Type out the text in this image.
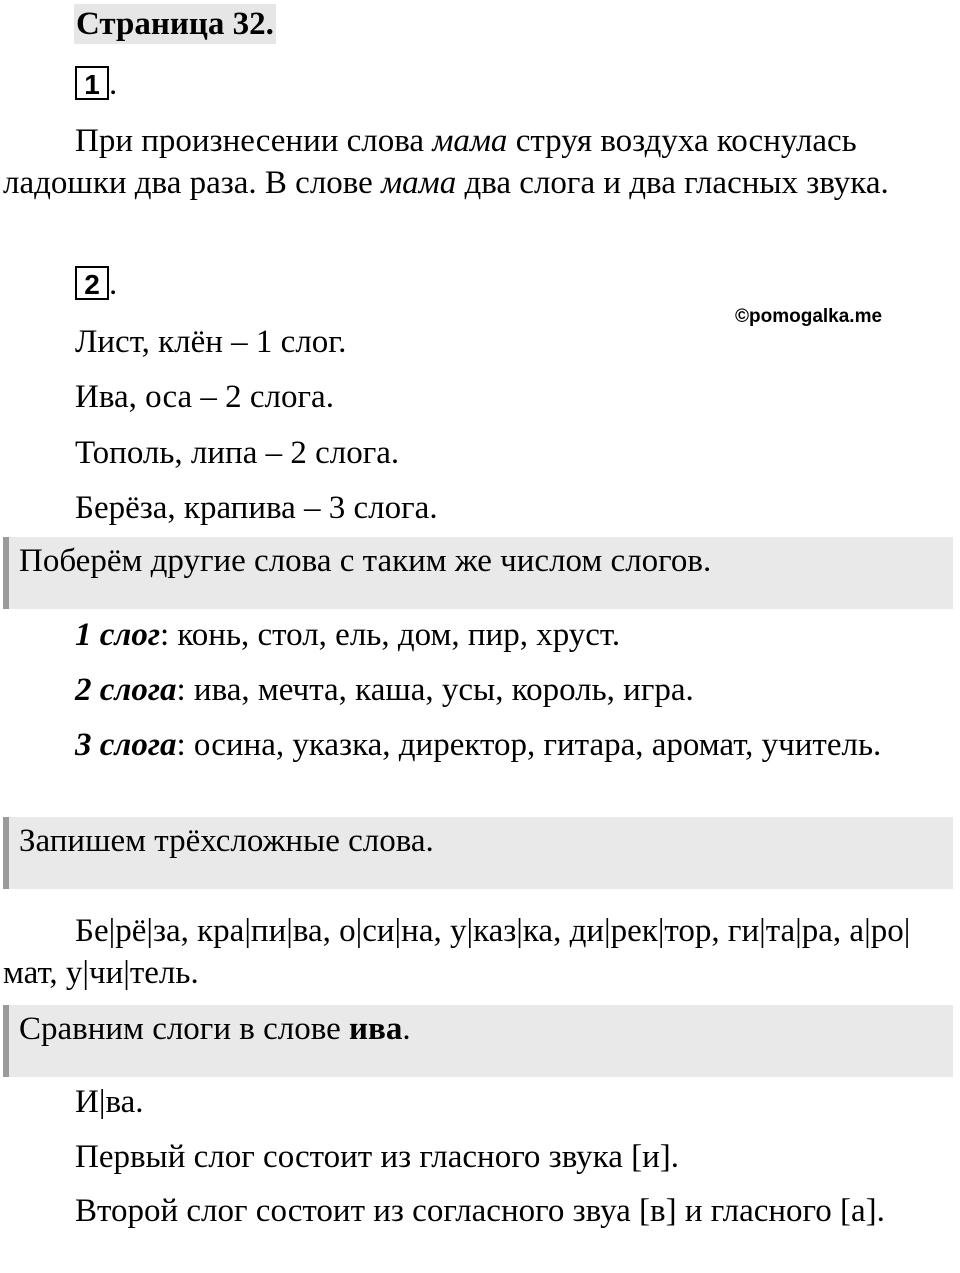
Страница 32.
1 .
При произнесении слова мама струя воздуха коснулась ладошки два раза. В слове мама два слога и два гласных звука.
2 .
©pomogalka.me
Лист, клён – 1 слог.
Ива, оса – 2 слога.
Тополь, липа – 2 слога.
Берёза, крапива – 3 слога.
Поберём другие слова с таким же числом слогов.
1 слог: конь, стол, ель, дом, пир, хруст.
2 слога: ива, мечта, каша, усы, король, игра.
3 слога: осина, указка, директор, гитара, аромат, учитель.
Запишем трёхсложные слова.
Бе|рё|за, кра|пи|ва, о|си|на, у|каз|ка, ди|рек|тор, ги|та|ра, а|ро|мат, у|чи|тель.
Сравним слоги в слове ива.
И|ва.
Первый слог состоит из гласного звука [и].
Второй слог состоит из согласного звуа [в] и гласного [а].
